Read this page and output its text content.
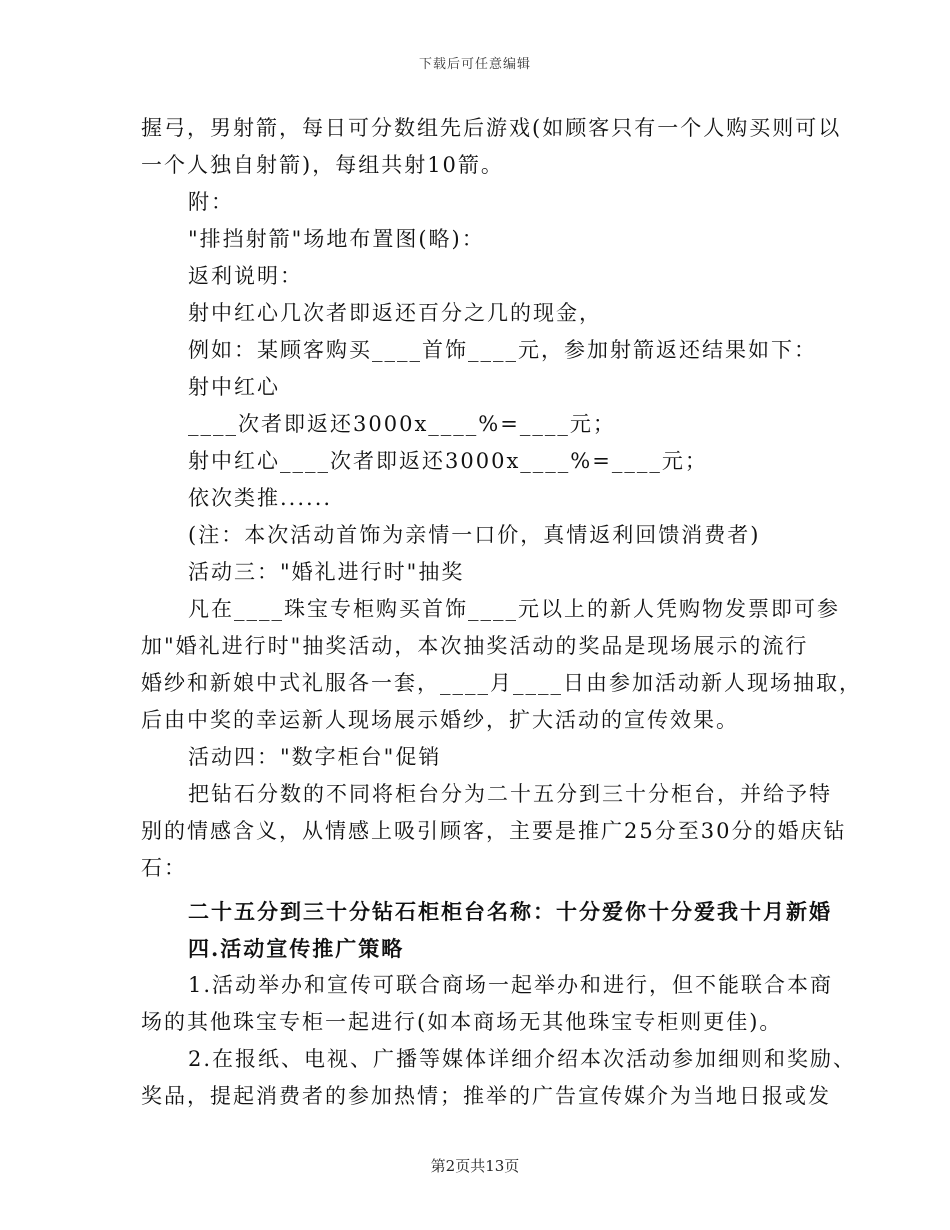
下载后可任意编辑
握弓，男射箭，每日可分数组先后游戏(如顾客只有一个人购买则可以
一个人独自射箭)，每组共射10箭。
附：
"排挡射箭"场地布置图(略)：
返利说明：
射中红心几次者即返还百分之几的现金，
例如：某顾客购买____首饰____元，参加射箭返还结果如下：
射中红心
____次者即返还3000x____%=____元；
射中红心____次者即返还3000x____%=____元；
依次类推......
(注：本次活动首饰为亲情一口价，真情返利回馈消费者)
活动三："婚礼进行时"抽奖
凡在____珠宝专柜购买首饰____元以上的新人凭购物发票即可参
加"婚礼进行时"抽奖活动，本次抽奖活动的奖品是现场展示的流行
婚纱和新娘中式礼服各一套，____月____日由参加活动新人现场抽取，
后由中奖的幸运新人现场展示婚纱，扩大活动的宣传效果。
活动四："数字柜台"促销
把钻石分数的不同将柜台分为二十五分到三十分柜台，并给予特
别的情感含义，从情感上吸引顾客，主要是推广25分至30分的婚庆钻
石：
二十五分到三十分钻石柜柜台名称：十分爱你十分爱我十月新婚
四.活动宣传推广策略
1.活动举办和宣传可联合商场一起举办和进行，但不能联合本商
场的其他珠宝专柜一起进行(如本商场无其他珠宝专柜则更佳)。
2.在报纸、电视、广播等媒体详细介绍本次活动参加细则和奖励、
奖品，提起消费者的参加热情；推举的广告宣传媒介为当地日报或发
第2页共13页
